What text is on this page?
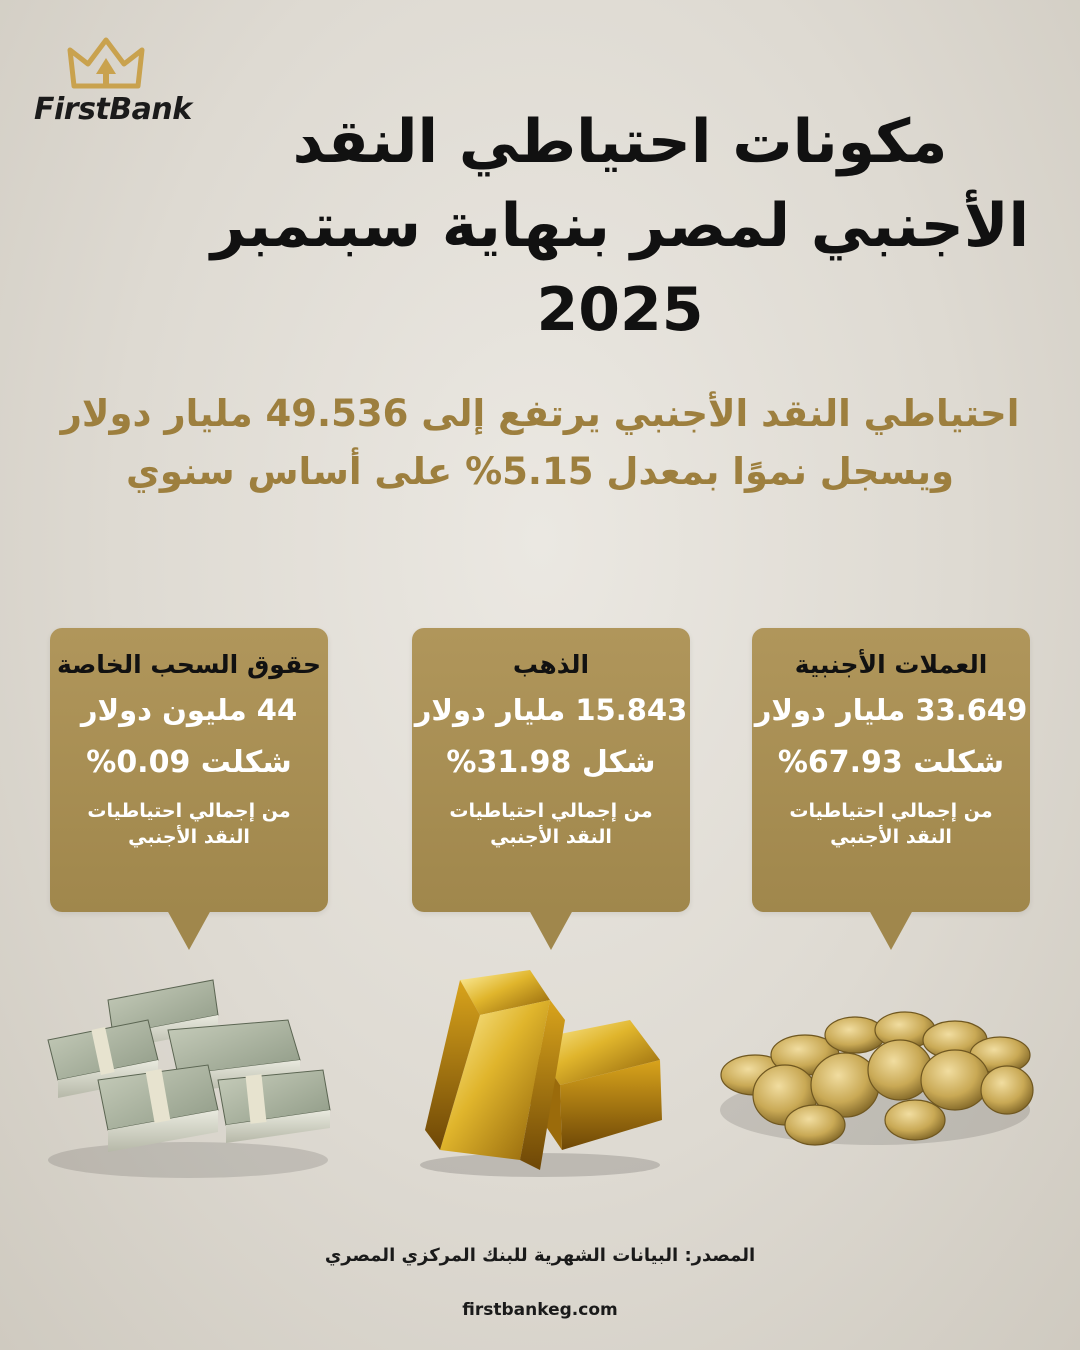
FirstBank	مكونات احتياطي النقد
الأجنبي لمصر بنهاية سبتمبر
2025
احتياطي النقد الأجنبي يرتفع إلى 49.536 مليار دولار
ويسجل نموًا بمعدل 5.15% على أساس سنوي
العملات الأجنبية
33.649 مليار دولار
شكلت 67.93%
من إجمالي احتياطيات النقد الأجنبي
الذهب
15.843 مليار دولار
شكل 31.98%
من إجمالي احتياطيات النقد الأجنبي
حقوق السحب الخاصة
44 مليون دولار
شكلت 0.09%
من إجمالي احتياطيات النقد الأجنبي
المصدر: البيانات الشهرية للبنك المركزي المصري
firstbankeg.com
